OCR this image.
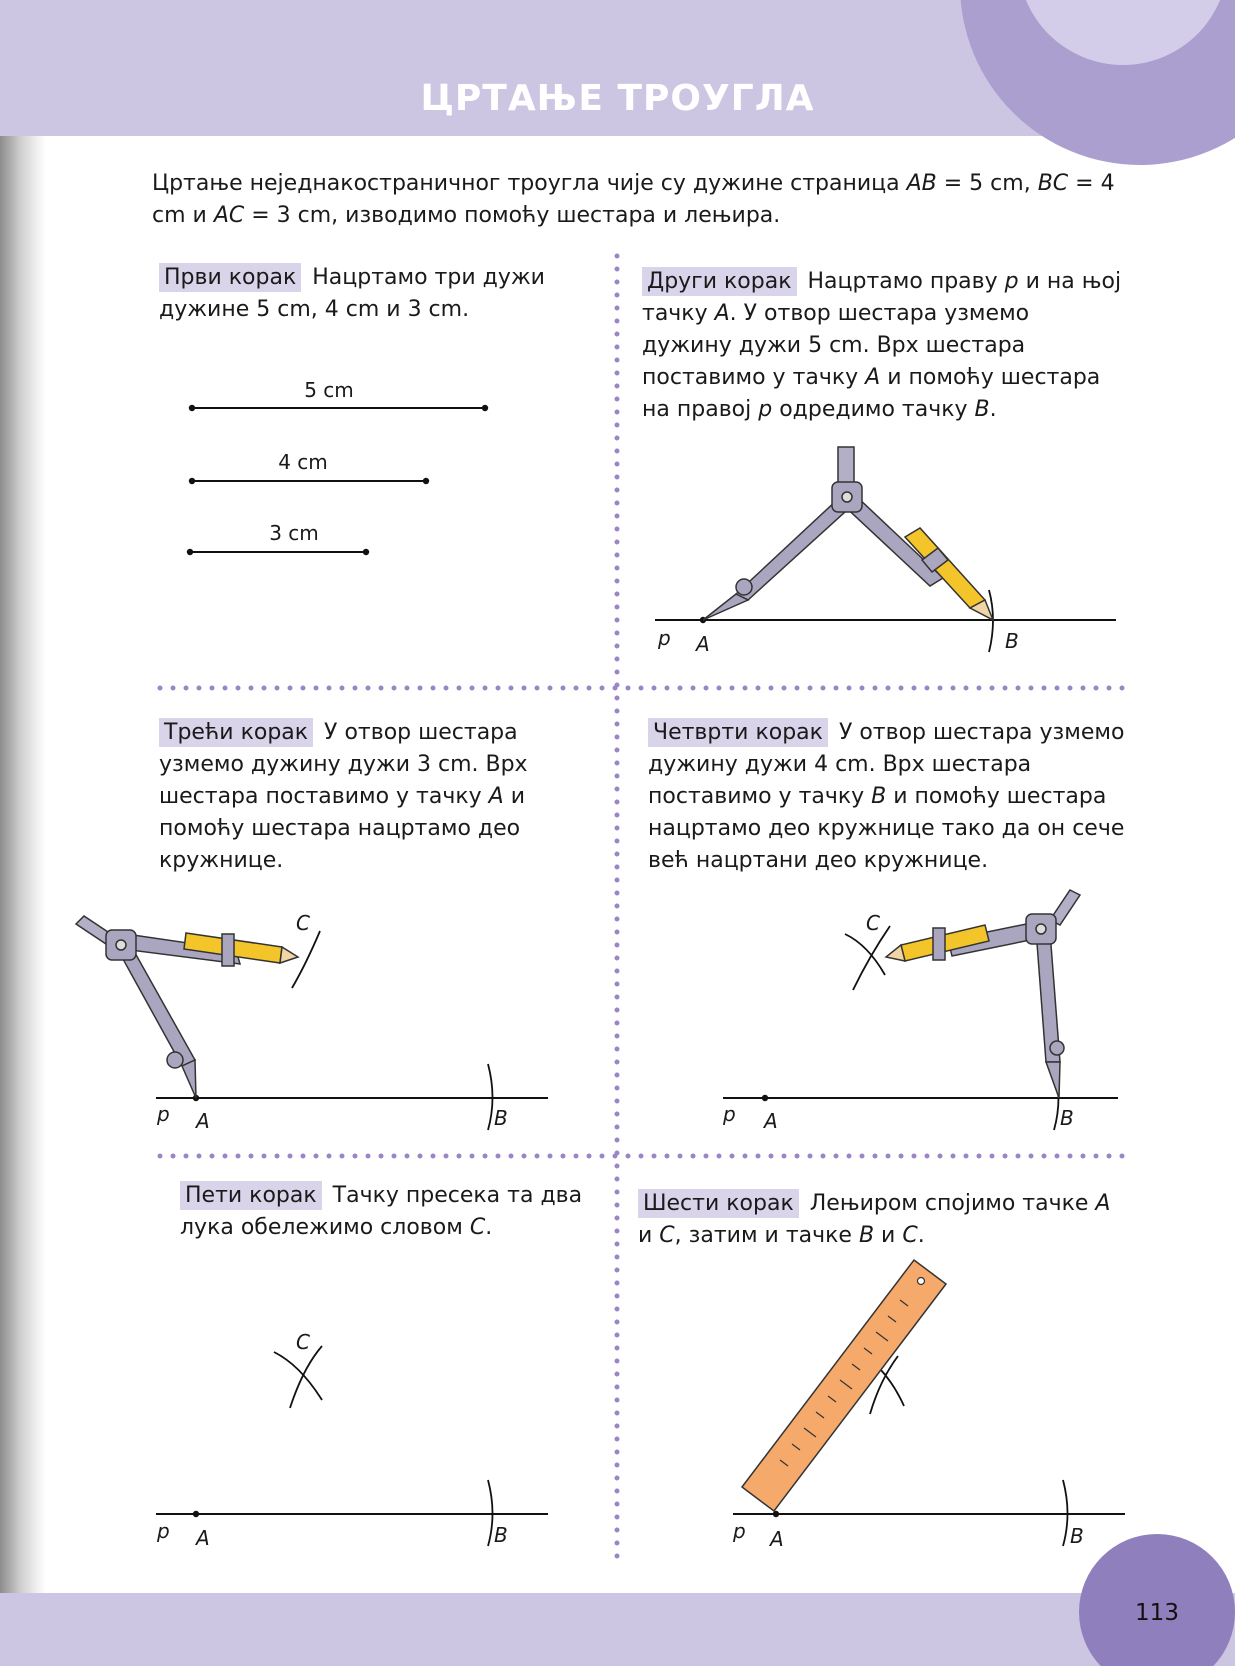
ЦРТАЊЕ ТРОУГЛА
Цртање неједнакостраничног троугла чије су дужине страница AB = 5 cm, BC = 4 cm и AC = 3 cm, изводимо помоћу шестара и лењира.
Први корак Нацртамо три дужи дужине 5 cm, 4 cm и 3 cm.
Други корак Нацртамо праву p и на њој тачку A. У отвор шестара узмемо дужину дужи 5 cm. Врх шестара поставимо у тачку A и помоћу шестара на правој p одредимо тачку B.
Трећи корак У отвор шестара узмемо дужину дужи 3 cm. Врх шестара поставимо у тачку A и помоћу шестара нацртамо део кружнице.
Четврти корак У отвор шестара узмемо дужину дужи 4 cm. Врх шестара поставимо у тачку B и помоћу шестара нацртамо део кружнице тако да он сече већ нацртани део кружнице.
Пети корак Тачку пресека та два лука обележимо словом C.
Шести корак Лењиром спојимо тачке A и C, затим и тачке B и C.
113
5 cm
4 cm
3 cm
p A	B
p A	B
C
p A	B
C
p A	B
C
p A	B
